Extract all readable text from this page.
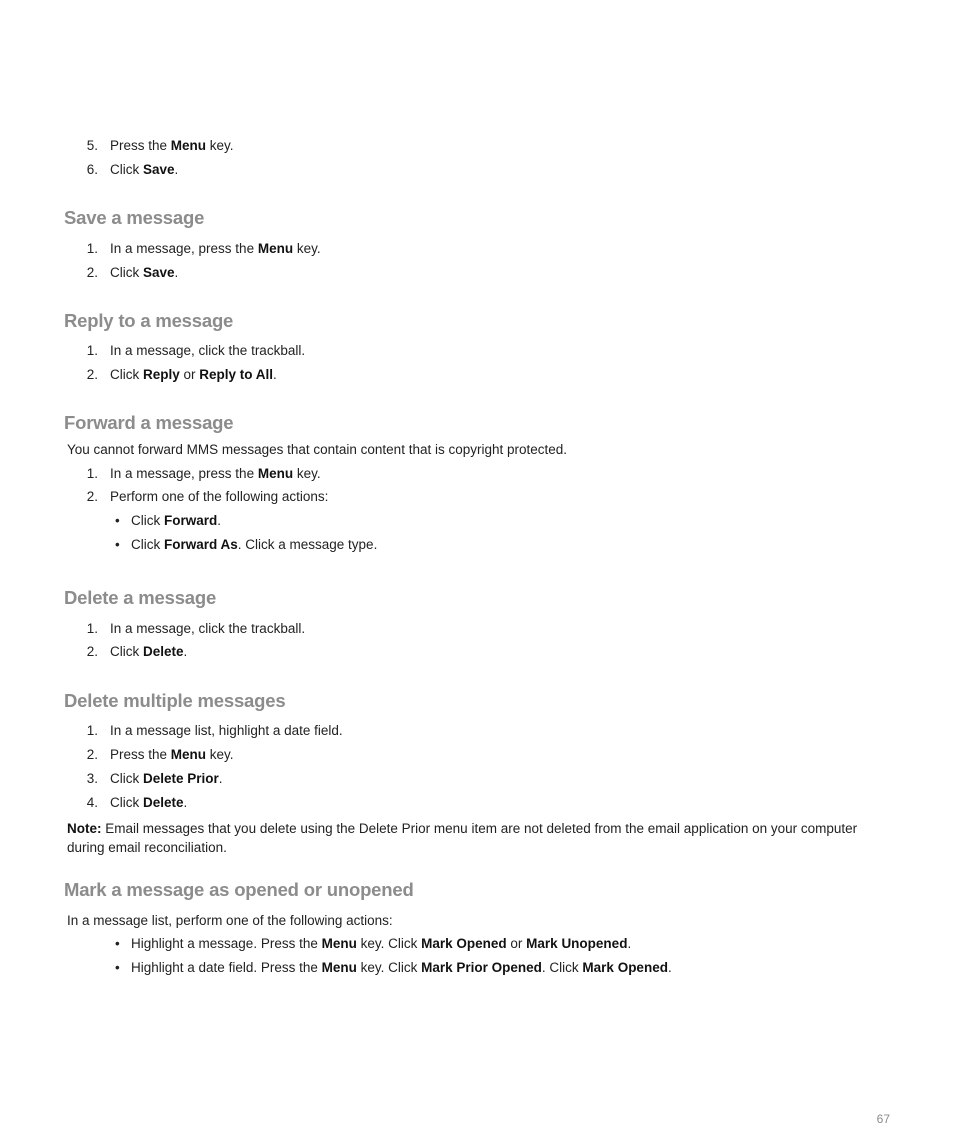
5. Press the Menu key.
6. Click Save.
Save a message
1. In a message, press the Menu key.
2. Click Save.
Reply to a message
1. In a message, click the trackball.
2. Click Reply or Reply to All.
Forward a message
You cannot forward MMS messages that contain content that is copyright protected.
1. In a message, press the Menu key.
2. Perform one of the following actions:
• Click Forward.
• Click Forward As. Click a message type.
Delete a message
1. In a message, click the trackball.
2. Click Delete.
Delete multiple messages
1. In a message list, highlight a date field.
2. Press the Menu key.
3. Click Delete Prior.
4. Click Delete.
Note: Email messages that you delete using the Delete Prior menu item are not deleted from the email application on your computer during email reconciliation.
Mark a message as opened or unopened
In a message list, perform one of the following actions:
• Highlight a message. Press the Menu key. Click Mark Opened or Mark Unopened.
• Highlight a date field. Press the Menu key. Click Mark Prior Opened. Click Mark Opened.
67
